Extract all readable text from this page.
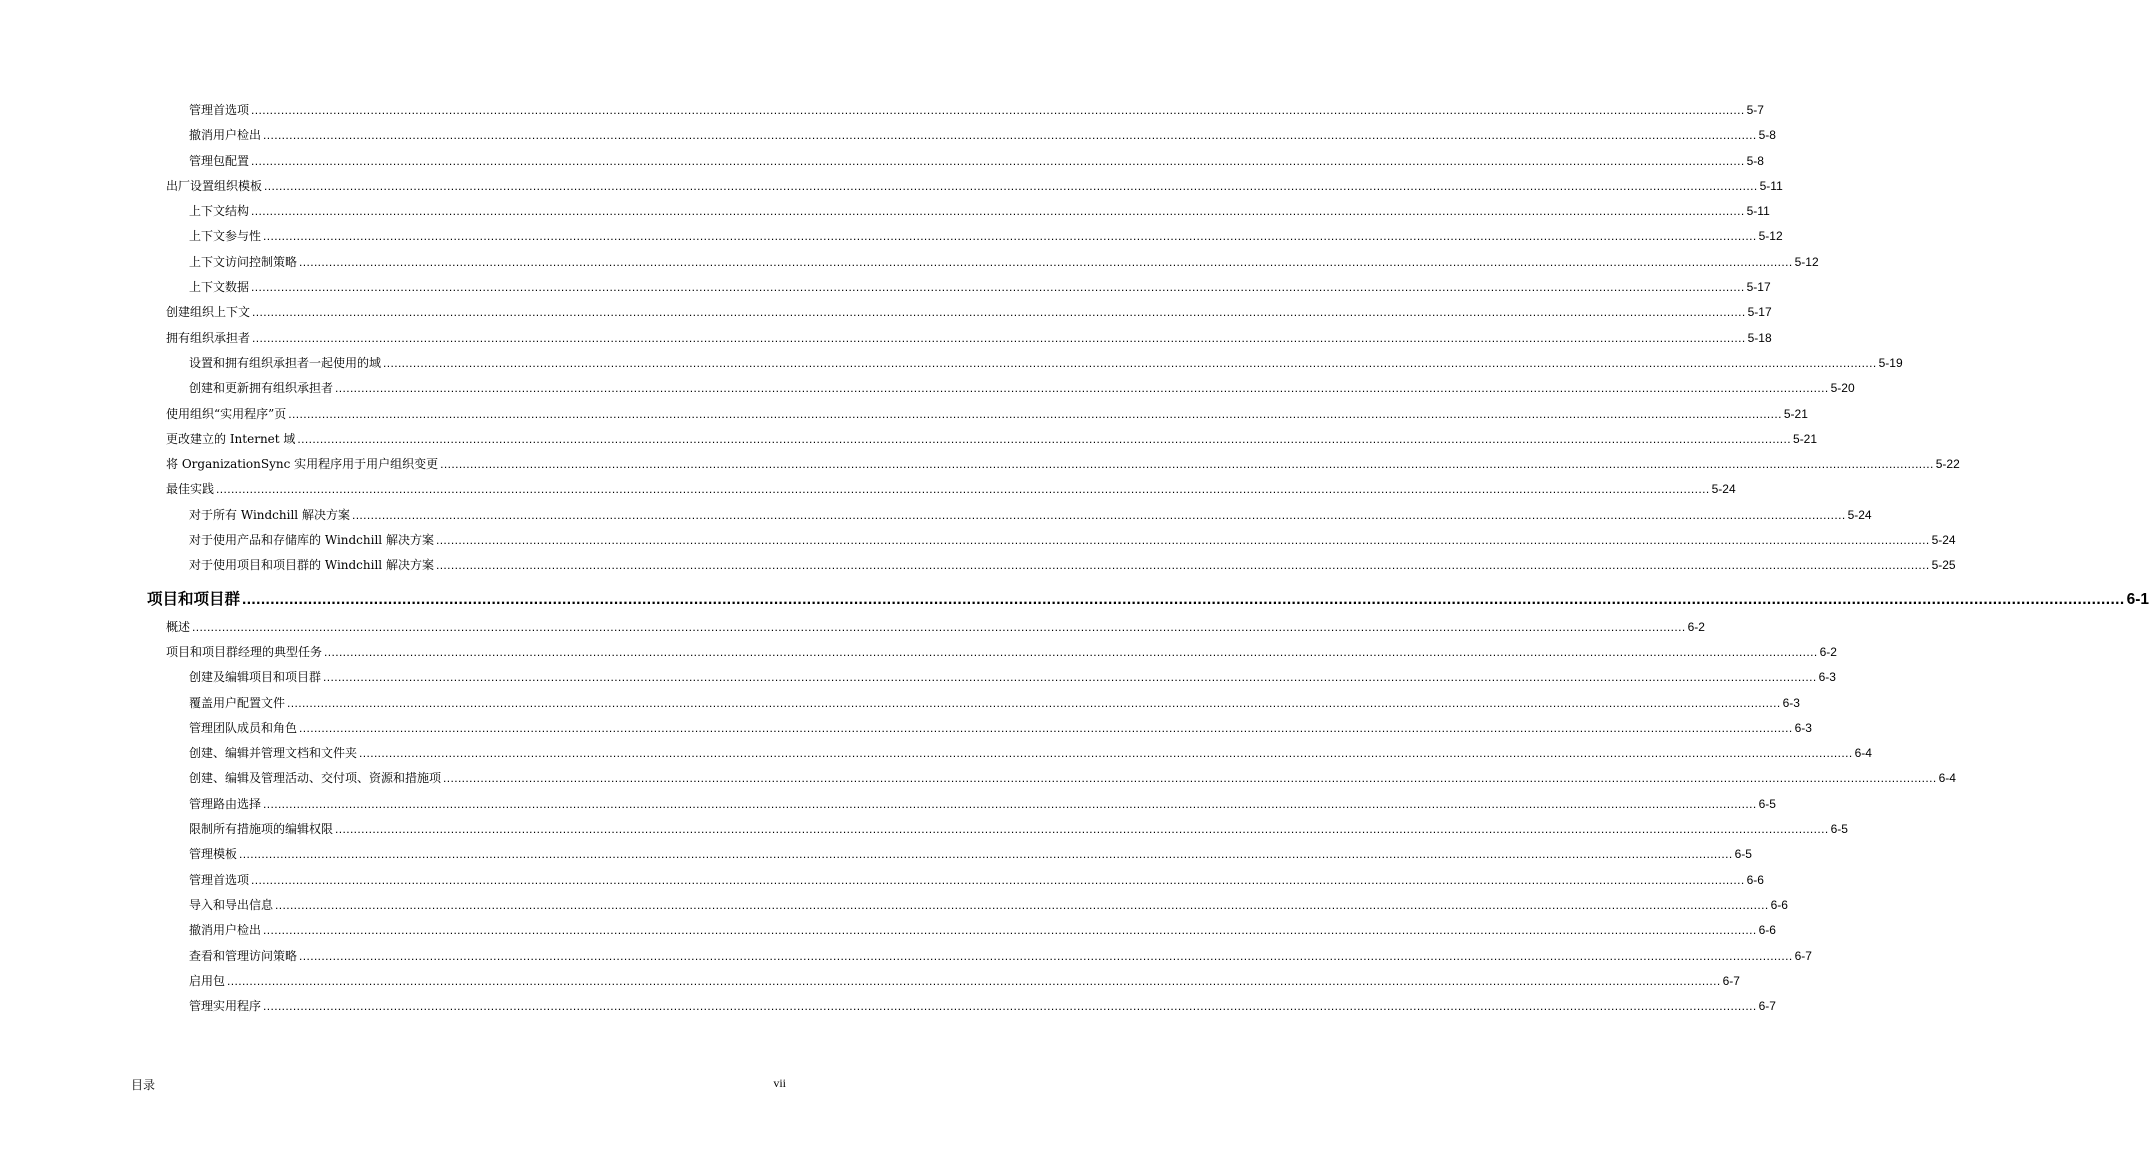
管理首选项 ................................................................................................................................................................................................................................................................................................................................................................................................................ 5-7
撤消用户检出 ................................................................................................................................................................................................................................................................................................................................................................................................................ 5-8
管理包配置 ................................................................................................................................................................................................................................................................................................................................................................................................................ 5-8
出厂设置组织模板 ................................................................................................................................................................................................................................................................................................................................................................................................................ 5-11
上下文结构 ................................................................................................................................................................................................................................................................................................................................................................................................................ 5-11
上下文参与性 ................................................................................................................................................................................................................................................................................................................................................................................................................ 5-12
上下文访问控制策略 ................................................................................................................................................................................................................................................................................................................................................................................................................ 5-12
上下文数据 ................................................................................................................................................................................................................................................................................................................................................................................................................ 5-17
创建组织上下文 ................................................................................................................................................................................................................................................................................................................................................................................................................ 5-17
拥有组织承担者 ................................................................................................................................................................................................................................................................................................................................................................................................................ 5-18
设置和拥有组织承担者一起使用的域 ................................................................................................................................................................................................................................................................................................................................................................................................................ 5-19
创建和更新拥有组织承担者 ................................................................................................................................................................................................................................................................................................................................................................................................................ 5-20
使用组织“实用程序”页 ................................................................................................................................................................................................................................................................................................................................................................................................................ 5-21
更改建立的 Internet 域 ................................................................................................................................................................................................................................................................................................................................................................................................................ 5-21
将 OrganizationSync 实用程序用于用户组织变更 ................................................................................................................................................................................................................................................................................................................................................................................................................ 5-22
最佳实践 ................................................................................................................................................................................................................................................................................................................................................................................................................ 5-24
对于所有 Windchill 解决方案 ................................................................................................................................................................................................................................................................................................................................................................................................................ 5-24
对于使用产品和存储库的 Windchill 解决方案 ................................................................................................................................................................................................................................................................................................................................................................................................................ 5-24
对于使用项目和项目群的 Windchill 解决方案 ................................................................................................................................................................................................................................................................................................................................................................................................................ 5-25
项目和项目群 ................................................................................................................................................................................................................................................................................................................................................................................................................ 6-1
概述 ................................................................................................................................................................................................................................................................................................................................................................................................................ 6-2
项目和项目群经理的典型任务 ................................................................................................................................................................................................................................................................................................................................................................................................................ 6-2
创建及编辑项目和项目群 ................................................................................................................................................................................................................................................................................................................................................................................................................ 6-3
覆盖用户配置文件 ................................................................................................................................................................................................................................................................................................................................................................................................................ 6-3
管理团队成员和角色 ................................................................................................................................................................................................................................................................................................................................................................................................................ 6-3
创建、编辑并管理文档和文件夹 ................................................................................................................................................................................................................................................................................................................................................................................................................ 6-4
创建、编辑及管理活动、交付项、资源和措施项 ................................................................................................................................................................................................................................................................................................................................................................................................................ 6-4
管理路由选择 ................................................................................................................................................................................................................................................................................................................................................................................................................ 6-5
限制所有措施项的编辑权限 ................................................................................................................................................................................................................................................................................................................................................................................................................ 6-5
管理模板 ................................................................................................................................................................................................................................................................................................................................................................................................................ 6-5
管理首选项 ................................................................................................................................................................................................................................................................................................................................................................................................................ 6-6
导入和导出信息 ................................................................................................................................................................................................................................................................................................................................................................................................................ 6-6
撤消用户检出 ................................................................................................................................................................................................................................................................................................................................................................................................................ 6-6
查看和管理访问策略 ................................................................................................................................................................................................................................................................................................................................................................................................................ 6-7
启用包 ................................................................................................................................................................................................................................................................................................................................................................................................................ 6-7
管理实用程序 ................................................................................................................................................................................................................................................................................................................................................................................................................ 6-7
目录	vii
